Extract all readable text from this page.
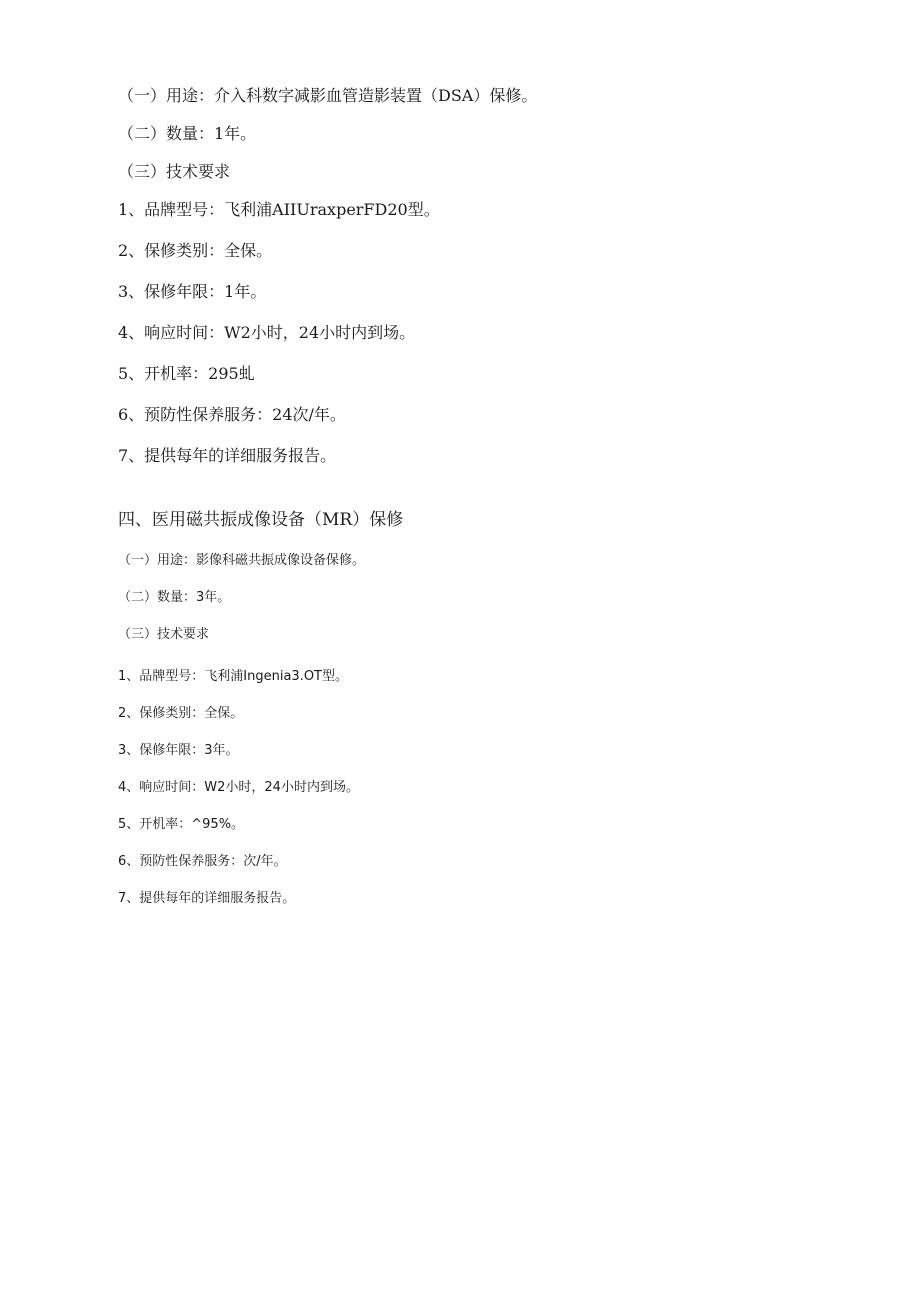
（一）用途：介入科数字减影血管造影装置（DSA）保修。
（二）数量：1年。
（三）技术要求
1、品牌型号：飞利浦AIIUraxperFD20型。
2、保修类别：全保。
3、保修年限：1年。
4、响应时间：W2小时，24小时内到场。
5、开机率：295虬
6、预防性保养服务：24次/年。
7、提供每年的详细服务报告。
四、医用磁共振成像设备（MR）保修
（一）用途：影像科磁共振成像设备保修。
（二）数量：3年。
（三）技术要求
1、品牌型号：飞利浦Ingenia3.OT型。
2、保修类别：全保。
3、保修年限：3年。
4、响应时间：W2小时，24小时内到场。
5、开机率：^95%。
6、预防性保养服务：次/年。
7、提供每年的详细服务报告。
